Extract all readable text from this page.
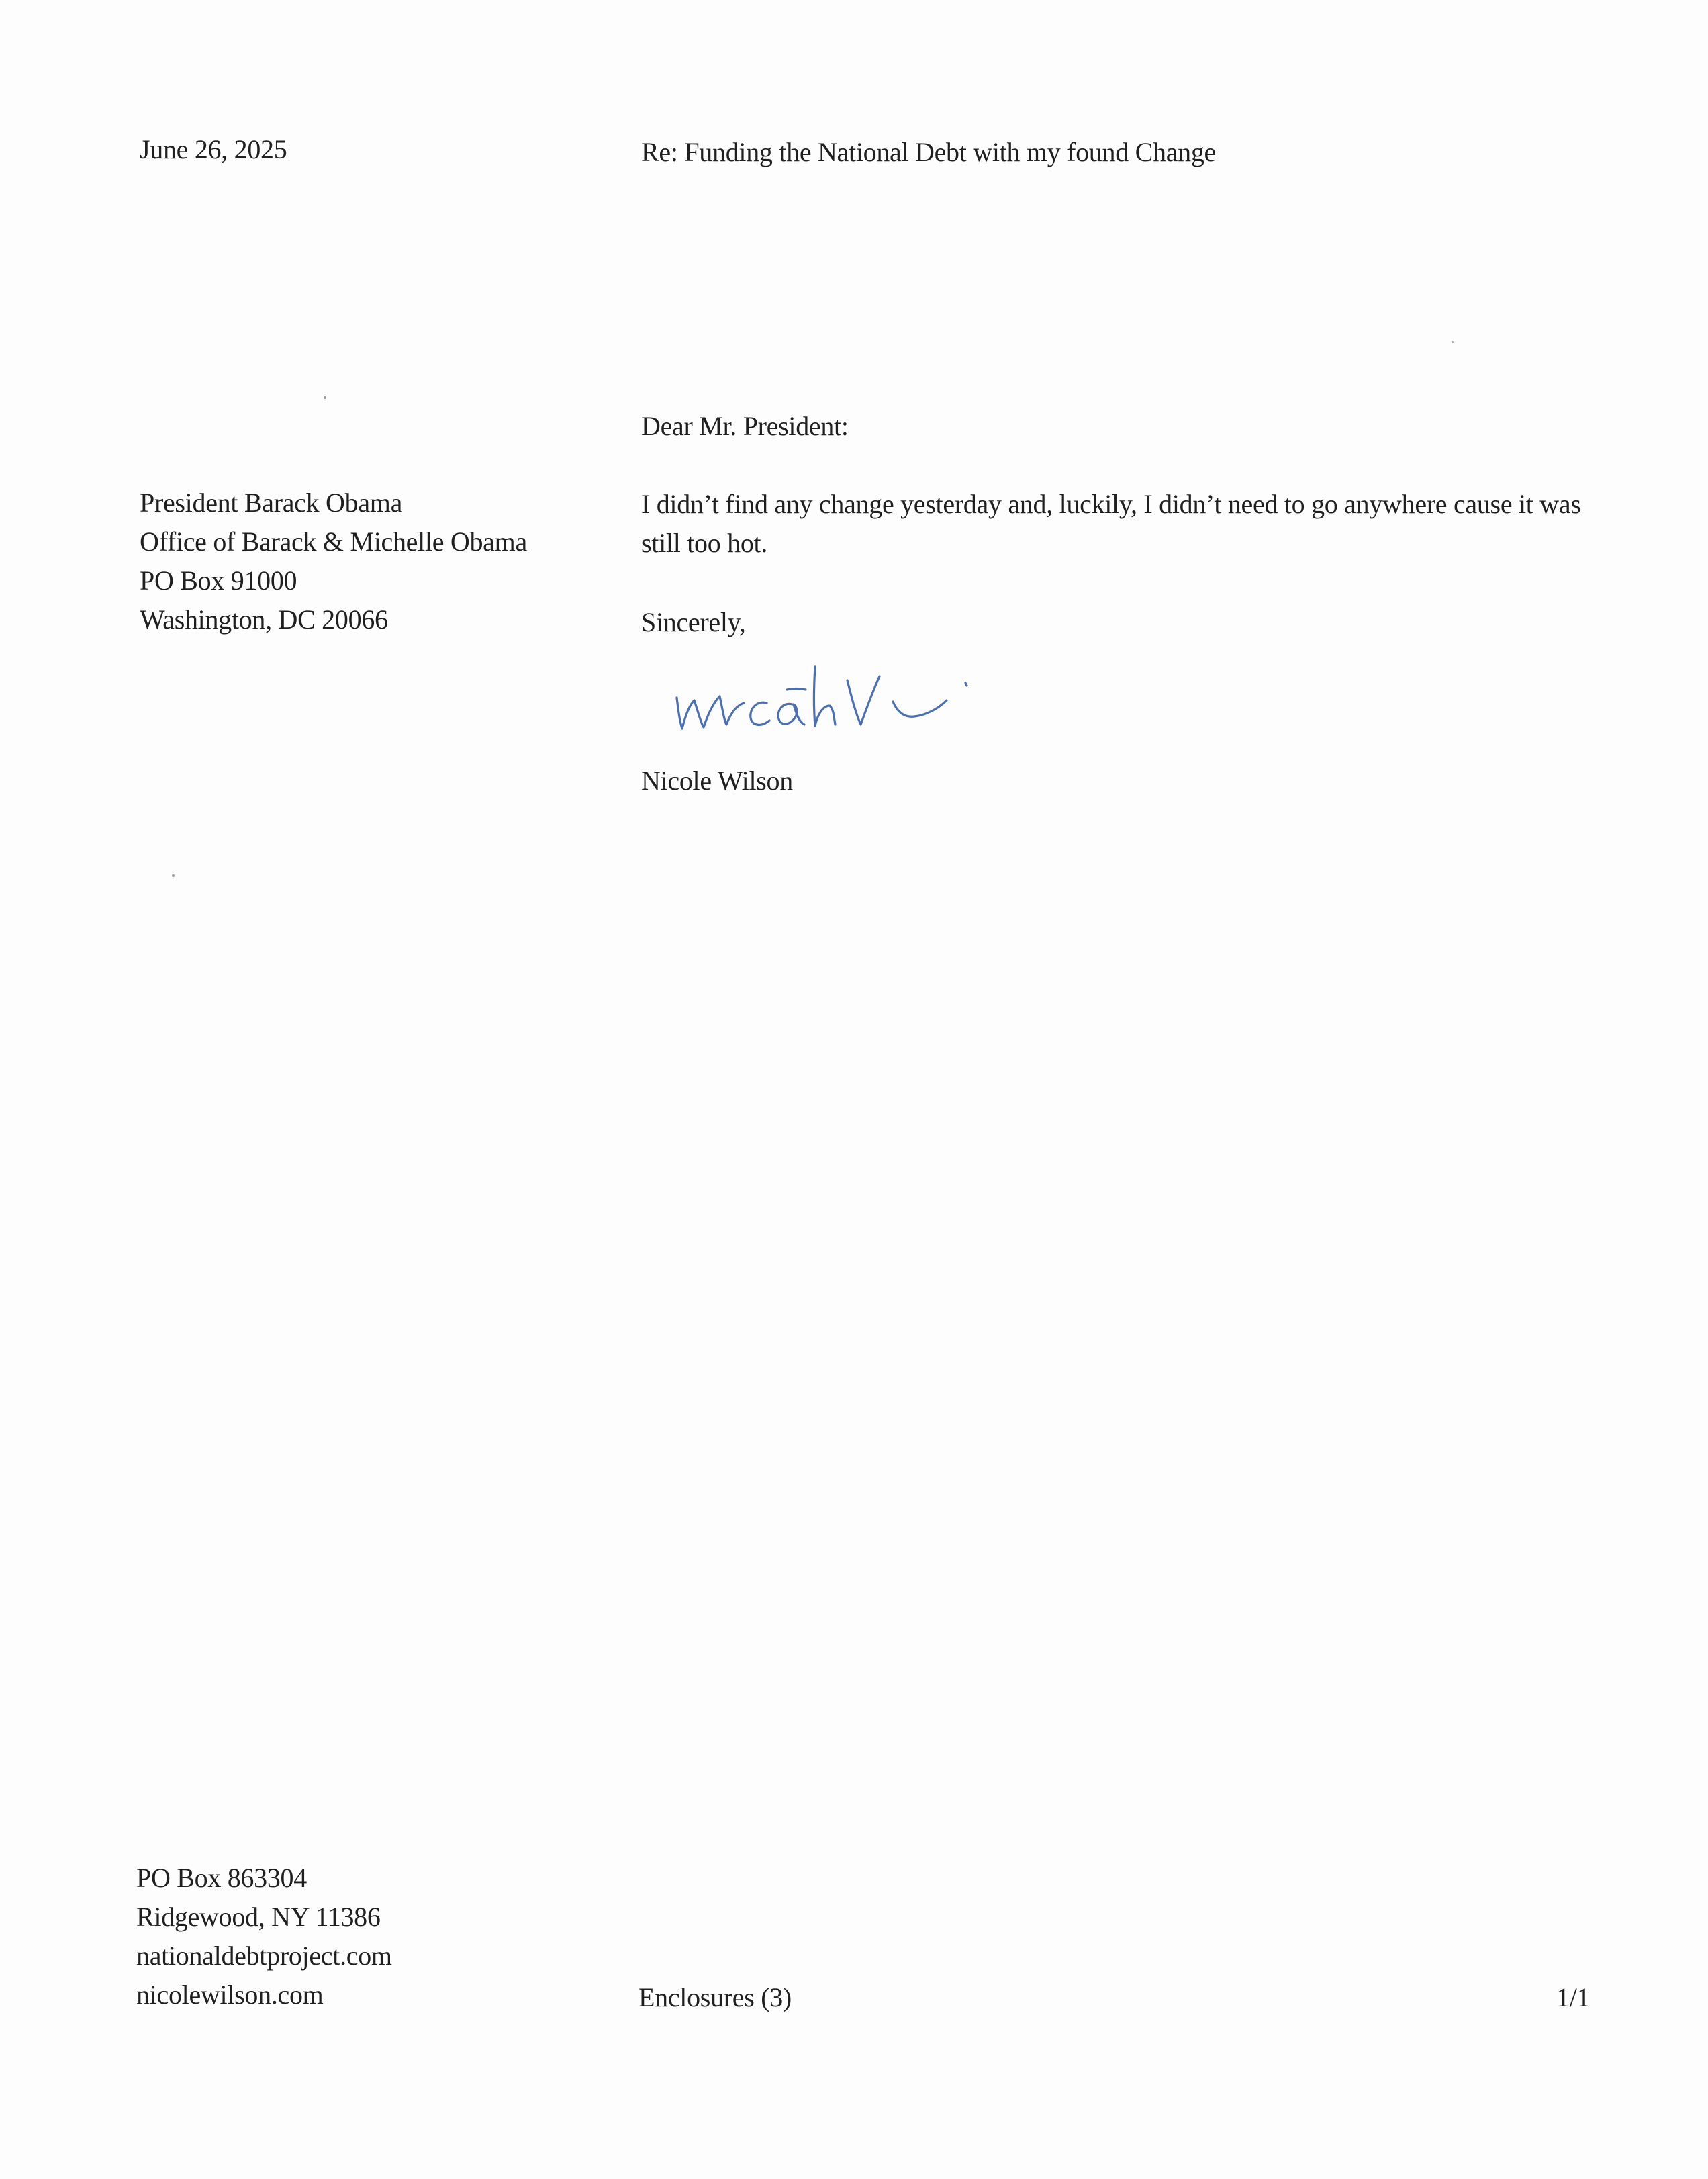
June 26, 2025	Re: Funding the National Debt with my found Change
Dear Mr. President:
President Barack Obama
Office of Barack & Michelle Obama
PO Box 91000
Washington, DC 20066
I didn’t find any change yesterday and, luckily, I didn’t need to go anywhere cause it was still too hot.
Sincerely,
Nicole Wilson
PO Box 863304
Ridgewood, NY 11386
nationaldebtproject.com
nicolewilson.com	Enclosures (3)	1/1
